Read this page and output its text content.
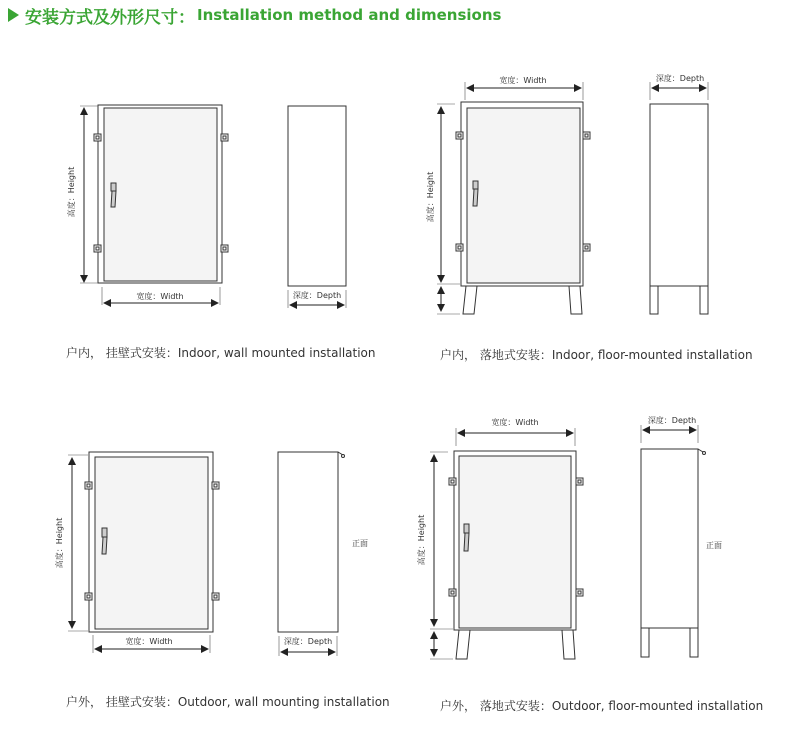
安装方式及外形尺寸： Installation method and dimensions
高度：Height
宽度：Width	深度：Depth
宽度：Width
高度：Height
深度：Depth
高度：Height
宽度：Width
正面
深度：Depth
宽度：Width
高度：Height
深度：Depth
正面
户内， 挂壁式安装：Indoor, wall mounted installation	户内， 落地式安装：Indoor, floor-mounted installation
户外， 挂壁式安装：Outdoor, wall mounting installation	户外， 落地式安装：Outdoor, floor-mounted installation
